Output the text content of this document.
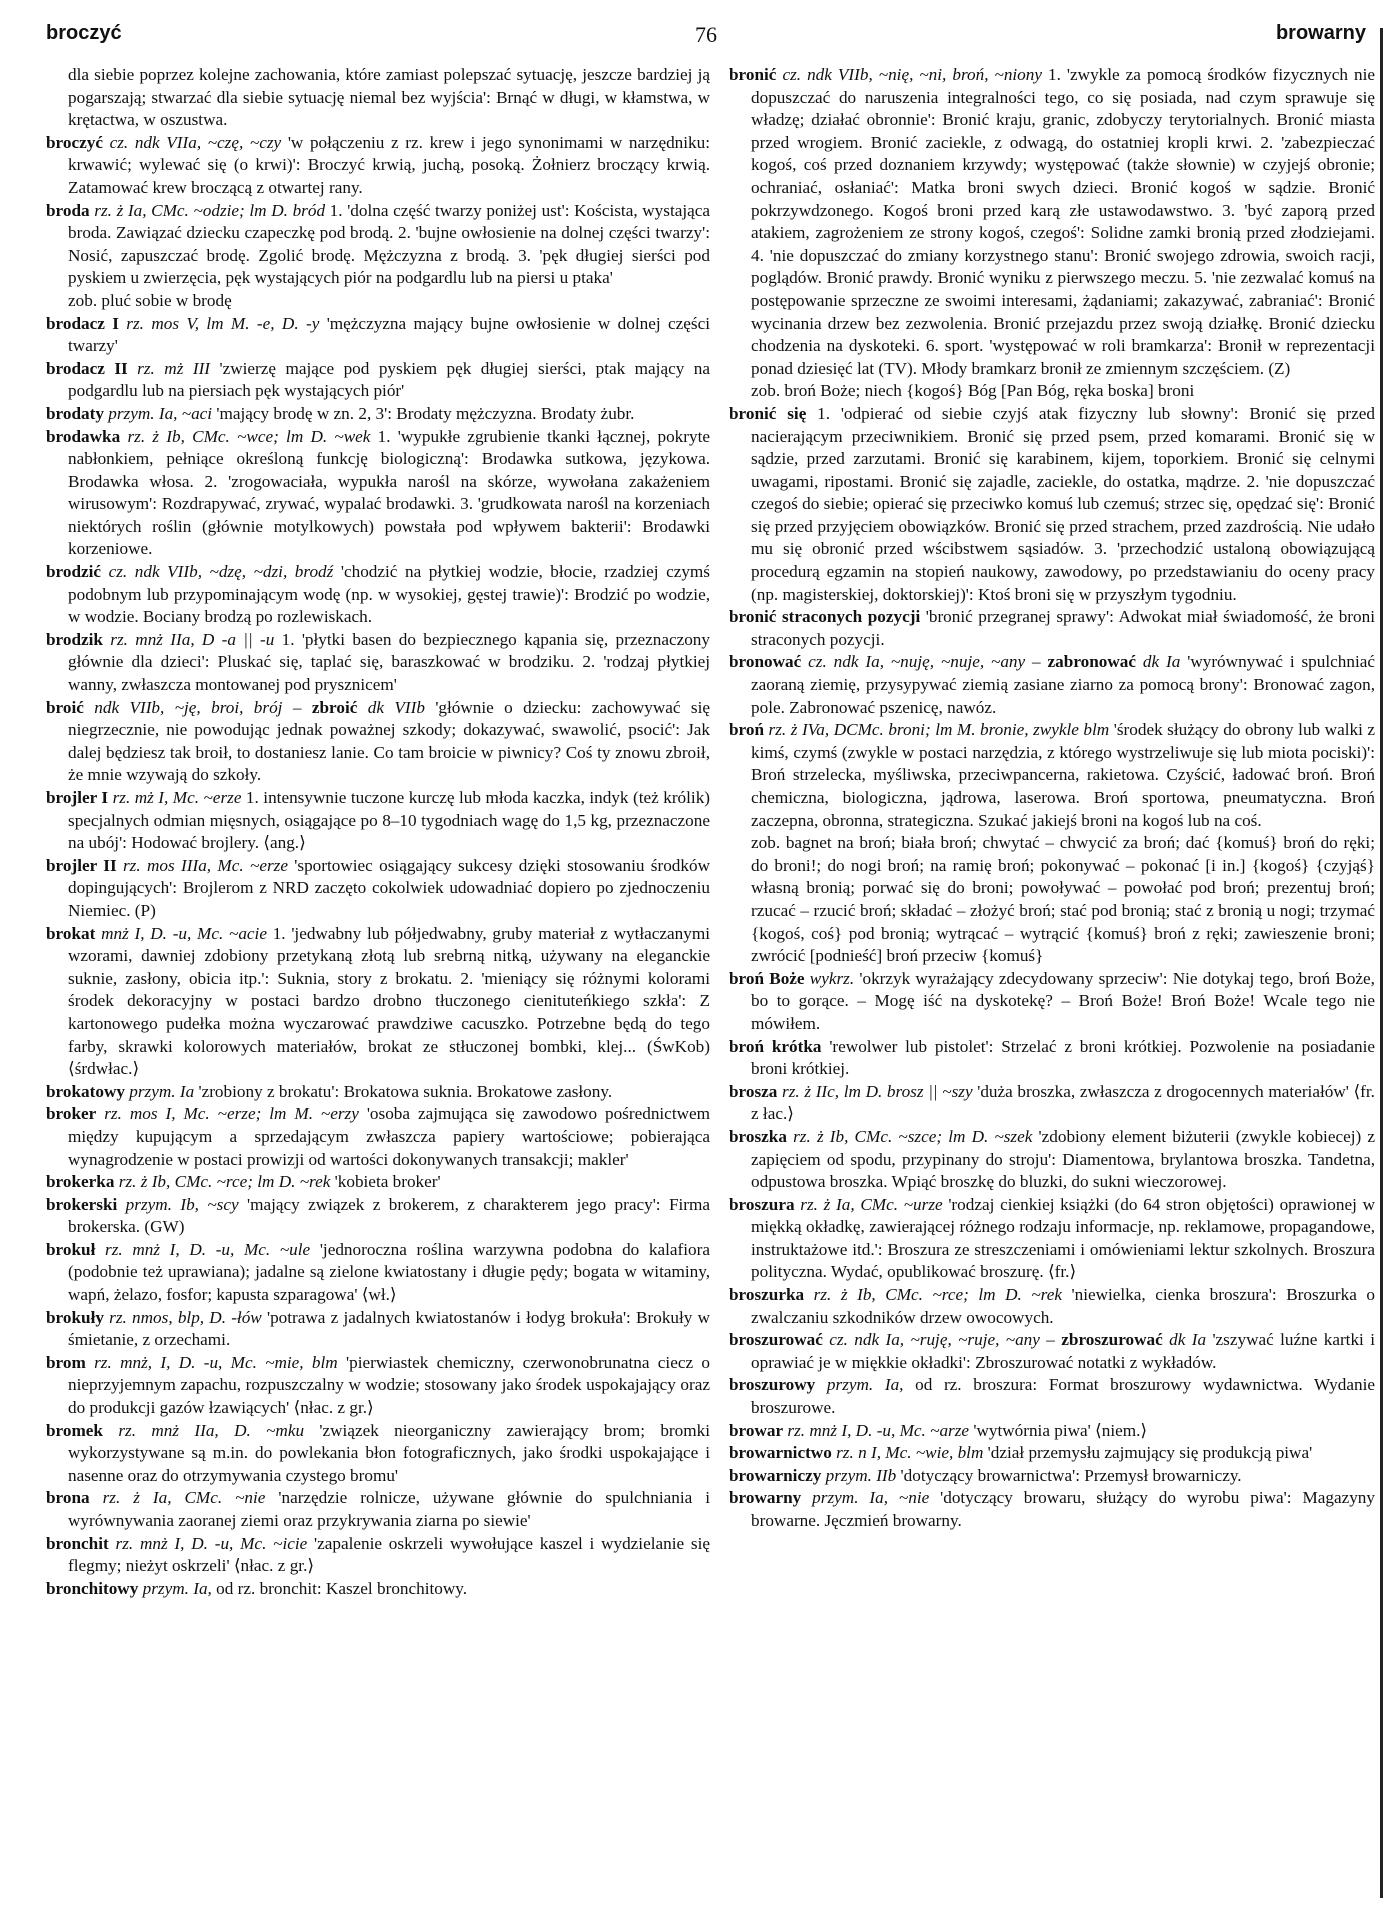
broczyć	76	browarny

dla siebie poprzez kolejne zachowania, które zamiast polepszać sytuację, jeszcze bardziej ją pogarszają; stwarzać dla siebie sytuację niemal bez wyjścia': Brnąć w długi, w kłamstwa, w krętactwa, w oszustwa.

broczyć cz. ndk VIIa, ~czę, ~czy 'w połączeniu z rz. krew i jego synonimami w narzędniku: krwawić; wylewać się (o krwi)': Broczyć krwią, juchą, posoką. Żołnierz broczący krwią. Zatamować krew broczącą z otwartej rany.

broda rz. ż Ia, CMc. ~odzie; lm D. bród 1. 'dolna część twarzy poniżej ust': Koścista, wystająca broda. Zawiązać dziecku czapeczkę pod brodą. 2. 'bujne owłosienie na dolnej części twarzy': Nosić, zapuszczać brodę. Zgolić brodę. Mężczyzna z brodą. 3. 'pęk długiej sierści pod pyskiem u zwierzęcia, pęk wystających piór na podgardlu lub na piersi u ptaka'

zob. pluć sobie w brodę

brodacz I rz. mos V, lm M. -e, D. -y 'mężczyzna mający bujne owłosienie w dolnej części twarzy'

brodacz II rz. mż III 'zwierzę mające pod pyskiem pęk długiej sierści, ptak mający na podgardlu lub na piersiach pęk wystających piór'

brodaty przym. Ia, ~aci 'mający brodę w zn. 2, 3': Brodaty mężczyzna. Brodaty żubr.

brodawka rz. ż Ib, CMc. ~wce; lm D. ~wek 1. 'wypukłe zgrubienie tkanki łącznej, pokryte nabłonkiem, pełniące określoną funkcję biologiczną': Brodawka sutkowa, językowa. Brodawka włosa. 2. 'zrogowaciała, wypukła narośl na skórze, wywołana zakażeniem wirusowym': Rozdrapywać, zrywać, wypalać brodawki. 3. 'grudkowata narośl na korzeniach niektórych roślin (głównie motylkowych) powstała pod wpływem bakterii': Brodawki korzeniowe.

brodzić cz. ndk VIIb, ~dzę, ~dzi, brodź 'chodzić na płytkiej wodzie, błocie, rzadziej czymś podobnym lub przypominającym wodę (np. w wysokiej, gęstej trawie)': Brodzić po wodzie, w wodzie. Bociany brodzą po rozlewiskach.

brodzik rz. mnż IIa, D -a || -u 1. 'płytki basen do bezpiecznego kąpania się, przeznaczony głównie dla dzieci': Pluskać się, taplać się, baraszkować w brodziku. 2. 'rodzaj płytkiej wanny, zwłaszcza montowanej pod prysznicem'

broić ndk VIIb, ~ję, broi, brój – zbroić dk VIIb 'głównie o dziecku: zachowywać się niegrzecznie, nie powodując jednak poważnej szkody; dokazywać, swawolić, psocić': Jak dalej będziesz tak broił, to dostaniesz lanie. Co tam broicie w piwnicy? Coś ty znowu zbroił, że mnie wzywają do szkoły.

brojler I rz. mż I, Mc. ~erze 1. intensywnie tuczone kurczę lub młoda kaczka, indyk (też królik) specjalnych odmian mięsnych, osiągające po 8–10 tygodniach wagę do 1,5 kg, przeznaczone na ubój': Hodować brojlery. ⟨ang.⟩

brojler II rz. mos IIIa, Mc. ~erze 'sportowiec osiągający sukcesy dzięki stosowaniu środków dopingujących': Brojlerom z NRD zaczęto cokolwiek udowadniać dopiero po zjednoczeniu Niemiec. (P)

brokat mnż I, D. -u, Mc. ~acie 1. 'jedwabny lub półjedwabny, gruby materiał z wytłaczanymi wzorami, dawniej zdobiony przetykaną złotą lub srebrną nitką, używany na eleganckie suknie, zasłony, obicia itp.': Suknia, story z brokatu. 2. 'mieniący się różnymi kolorami środek dekoracyjny w postaci bardzo drobno tłuczonego cienituteńkiego szkła': Z kartonowego pudełka można wyczarować prawdziwe cacuszko. Potrzebne będą do tego farby, skrawki kolorowych materiałów, brokat ze stłuczonej bombki, klej... (ŚwKob) ⟨śrdwłac.⟩

brokatowy przym. Ia 'zrobiony z brokatu': Brokatowa suknia. Brokatowe zasłony.

broker rz. mos I, Mc. ~erze; lm M. ~erzy 'osoba zajmująca się zawodowo pośrednictwem między kupującym a sprzedającym zwłaszcza papiery wartościowe; pobierająca wynagrodzenie w postaci prowizji od wartości dokonywanych transakcji; makler'

brokerka rz. ż Ib, CMc. ~rce; lm D. ~rek 'kobieta broker'

brokerski przym. Ib, ~scy 'mający związek z brokerem, z charakterem jego pracy': Firma brokerska. (GW)

brokuł rz. mnż I, D. -u, Mc. ~ule 'jednoroczna roślina warzywna podobna do kalafiora (podobnie też uprawiana); jadalne są zielone kwiatostany i długie pędy; bogata w witaminy, wapń, żelazo, fosfor; kapusta szparagowa' ⟨wł.⟩

brokuły rz. nmos, blp, D. -łów 'potrawa z jadalnych kwiatostanów i łodyg brokuła': Brokuły w śmietanie, z orzechami.

brom rz. mnż, I, D. -u, Mc. ~mie, blm 'pierwiastek chemiczny, czerwonobrunatna ciecz o nieprzyjemnym zapachu, rozpuszczalny w wodzie; stosowany jako środek uspokajający oraz do produkcji gazów łzawiących' ⟨nłac. z gr.⟩

bromek rz. mnż IIa, D. ~mku 'związek nieorganiczny zawierający brom; bromki wykorzystywane są m.in. do powlekania błon fotograficznych, jako środki uspokajające i nasenne oraz do otrzymywania czystego bromu'

brona rz. ż Ia, CMc. ~nie 'narzędzie rolnicze, używane głównie do spulchniania i wyrównywania zaoranej ziemi oraz przykrywania ziarna po siewie'

bronchit rz. mnż I, D. -u, Mc. ~icie 'zapalenie oskrzeli wywołujące kaszel i wydzielanie się flegmy; nieżyt oskrzeli' ⟨nłac. z gr.⟩

bronchitowy przym. Ia, od rz. bronchit: Kaszel bronchitowy.

bronić cz. ndk VIIb, ~nię, ~ni, broń, ~niony 1. 'zwykle za pomocą środków fizycznych nie dopuszczać do naruszenia integralności tego, co się posiada, nad czym sprawuje się władzę; działać obronnie': Bronić kraju, granic, zdobyczy terytorialnych. Bronić miasta przed wrogiem. Bronić zaciekle, z odwagą, do ostatniej kropli krwi. 2. 'zabezpieczać kogoś, coś przed doznaniem krzywdy; występować (także słownie) w czyjejś obronie; ochraniać, osłaniać': Matka broni swych dzieci. Bronić kogoś w sądzie. Bronić pokrzywdzonego. Kogoś broni przed karą złe ustawodawstwo. 3. 'być zaporą przed atakiem, zagrożeniem ze strony kogoś, czegoś': Solidne zamki bronią przed złodziejami. 4. 'nie dopuszczać do zmiany korzystnego stanu': Bronić swojego zdrowia, swoich racji, poglądów. Bronić prawdy. Bronić wyniku z pierwszego meczu. 5. 'nie zezwalać komuś na postępowanie sprzeczne ze swoimi interesami, żądaniami; zakazywać, zabraniać': Bronić wycinania drzew bez zezwolenia. Bronić przejazdu przez swoją działkę. Bronić dziecku chodzenia na dyskoteki. 6. sport. 'występować w roli bramkarza': Bronił w reprezentacji ponad dziesięć lat (TV). Młody bramkarz bronił ze zmiennym szczęściem. (Z)

zob. broń Boże; niech {kogoś} Bóg [Pan Bóg, ręka boska] broni

bronić się 1. 'odpierać od siebie czyjś atak fizyczny lub słowny': Bronić się przed nacierającym przeciwnikiem. Bronić się przed psem, przed komarami. Bronić się w sądzie, przed zarzutami. Bronić się karabinem, kijem, toporkiem. Bronić się celnymi uwagami, ripostami. Bronić się zajadle, zaciekle, do ostatka, mądrze. 2. 'nie dopuszczać czegoś do siebie; opierać się przeciwko komuś lub czemuś; strzec się, opędzać się': Bronić się przed przyjęciem obowiązków. Bronić się przed strachem, przed zazdrością. Nie udało mu się obronić przed wścibstwem sąsiadów. 3. 'przechodzić ustaloną obowiązującą procedurą egzamin na stopień naukowy, zawodowy, po przedstawianiu do oceny pracy (np. magisterskiej, doktorskiej)': Ktoś broni się w przyszłym tygodniu.

bronić straconych pozycji 'bronić przegranej sprawy': Adwokat miał świadomość, że broni straconych pozycji.

bronować cz. ndk Ia, ~nuję, ~nuje, ~any – zabronować dk Ia 'wyrównywać i spulchniać zaoraną ziemię, przysypywać ziemią zasiane ziarno za pomocą brony': Bronować zagon, pole. Zabronować pszenicę, nawóz.

broń rz. ż IVa, DCMc. broni; lm M. bronie, zwykle blm 'środek służący do obrony lub walki z kimś, czymś (zwykle w postaci narzędzia, z którego wystrzeliwuje się lub miota pociski)': Broń strzelecka, myśliwska, przeciwpancerna, rakietowa. Czyścić, ładować broń. Broń chemiczna, biologiczna, jądrowa, laserowa. Broń sportowa, pneumatyczna. Broń zaczepna, obronna, strategiczna. Szukać jakiejś broni na kogoś lub na coś.

zob. bagnet na broń; biała broń; chwytać – chwycić za broń; dać {komuś} broń do ręki; do broni!; do nogi broń; na ramię broń; pokonywać – pokonać [i in.] {kogoś} {czyjąś} własną bronią; porwać się do broni; powoływać – powołać pod broń; prezentuj broń; rzucać – rzucić broń; składać – złożyć broń; stać pod bronią; stać z bronią u nogi; trzymać {kogoś, coś} pod bronią; wytrącać – wytrącić {komuś} broń z ręki; zawieszenie broni; zwrócić [podnieść] broń przeciw {komuś}

broń Boże wykrz. 'okrzyk wyrażający zdecydowany sprzeciw': Nie dotykaj tego, broń Boże, bo to gorące. – Mogę iść na dyskotekę? – Broń Boże! Broń Boże! Wcale tego nie mówiłem.

broń krótka 'rewolwer lub pistolet': Strzelać z broni krótkiej. Pozwolenie na posiadanie broni krótkiej.

brosza rz. ż IIc, lm D. brosz || ~szy 'duża broszka, zwłaszcza z drogocennych materiałów' ⟨fr. z łac.⟩

broszka rz. ż Ib, CMc. ~szce; lm D. ~szek 'zdobiony element biżuterii (zwykle kobiecej) z zapięciem od spodu, przypinany do stroju': Diamentowa, brylantowa broszka. Tandetna, odpustowa broszka. Wpiąć broszkę do bluzki, do sukni wieczorowej.

broszura rz. ż Ia, CMc. ~urze 'rodzaj cienkiej książki (do 64 stron objętości) oprawionej w miękką okładkę, zawierającej różnego rodzaju informacje, np. reklamowe, propagandowe, instruktażowe itd.': Broszura ze streszczeniami i omówieniami lektur szkolnych. Broszura polityczna. Wydać, opublikować broszurę. ⟨fr.⟩

broszurka rz. ż Ib, CMc. ~rce; lm D. ~rek 'niewielka, cienka broszura': Broszurka o zwalczaniu szkodników drzew owocowych.

broszurować cz. ndk Ia, ~ruję, ~ruje, ~any – zbroszurować dk Ia 'zszywać luźne kartki i oprawiać je w miękkie okładki': Zbroszurować notatki z wykładów.

broszurowy przym. Ia, od rz. broszura: Format broszurowy wydawnictwa. Wydanie broszurowe.

browar rz. mnż I, D. -u, Mc. ~arze 'wytwórnia piwa' ⟨niem.⟩

browarnictwo rz. n I, Mc. ~wie, blm 'dział przemysłu zajmujący się produkcją piwa'

browarniczy przym. IIb 'dotyczący browarnictwa': Przemysł browarniczy.

browarny przym. Ia, ~nie 'dotyczący browaru, służący do wyrobu piwa': Magazyny browarne. Jęczmień browarny.
